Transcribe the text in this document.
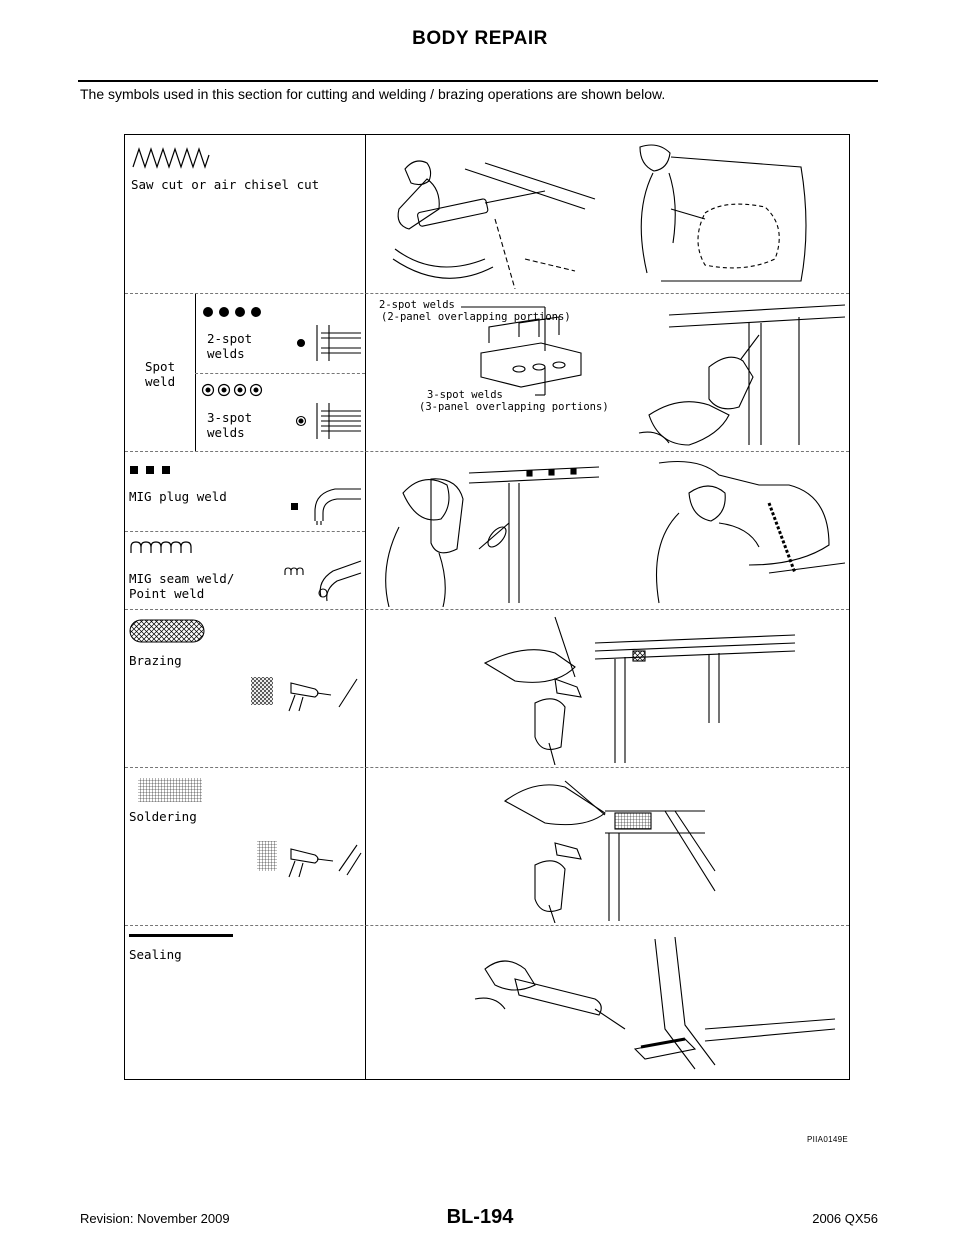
BODY REPAIR
The symbols used in this section for cutting and welding / brazing operations are shown below.
Saw cut or air chisel cut
Spot
weld
2-spot
welds
3-spot
welds
2-spot welds
(2-panel overlapping portions)
3-spot welds
(3-panel overlapping portions)
MIG plug weld
MIG seam weld/
Point weld
Brazing
Soldering
Sealing
PIIA0149E
BL-194
Revision: November 2009	2006 QX56
